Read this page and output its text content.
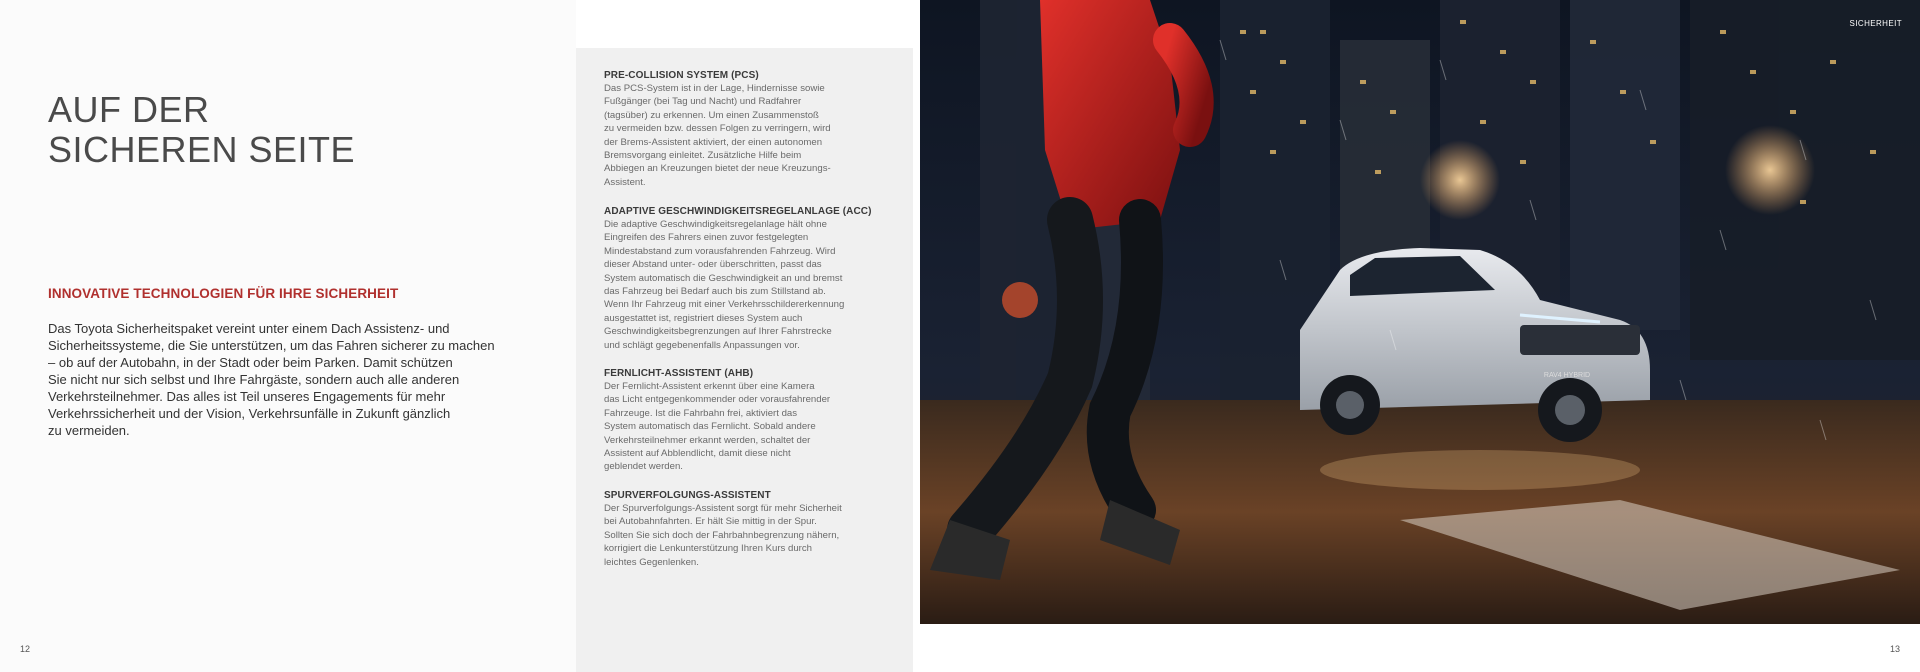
AUF DER
SICHEREN SEITE
INNOVATIVE TECHNOLOGIEN FÜR IHRE SICHERHEIT

Das Toyota Sicherheitspaket vereint unter einem Dach Assistenz- und
Sicherheitssysteme, die Sie unterstützen, um das Fahren sicherer zu machen
– ob auf der Autobahn, in der Stadt oder beim Parken. Damit schützen
Sie nicht nur sich selbst und Ihre Fahrgäste, sondern auch alle anderen
Verkehrsteilnehmer. Das alles ist Teil unseres Engagements für mehr
Verkehrssicherheit und der Vision, Verkehrsunfälle in Zukunft gänzlich
zu vermeiden.

PRE-COLLISION SYSTEM (PCS)
Das PCS-System ist in der Lage, Hindernisse sowie
Fußgänger (bei Tag und Nacht) und Radfahrer
(tagsüber) zu erkennen. Um einen Zusammenstoß
zu vermeiden bzw. dessen Folgen zu verringern, wird
der Brems-Assistent aktiviert, der einen autonomen
Bremsvorgang einleitet. Zusätzliche Hilfe beim
Abbiegen an Kreuzungen bietet der neue Kreuzungs-
Assistent.
ADAPTIVE GESCHWINDIGKEITSREGELANLAGE (ACC)
Die adaptive Geschwindigkeitsregelanlage hält ohne
Eingreifen des Fahrers einen zuvor festgelegten
Mindestabstand zum vorausfahrenden Fahrzeug. Wird
dieser Abstand unter- oder überschritten, passt das
System automatisch die Geschwindigkeit an und bremst
das Fahrzeug bei Bedarf auch bis zum Stillstand ab.
Wenn Ihr Fahrzeug mit einer Verkehrsschildererkennung
ausgestattet ist, registriert dieses System auch
Geschwindigkeitsbegrenzungen auf Ihrer Fahrstrecke
und schlägt gegebenenfalls Anpassungen vor.
FERNLICHT-ASSISTENT (AHB)
Der Fernlicht-Assistent erkennt über eine Kamera
das Licht entgegenkommender oder vorausfahrender
Fahrzeuge. Ist die Fahrbahn frei, aktiviert das
System automatisch das Fernlicht. Sobald andere
Verkehrsteilnehmer erkannt werden, schaltet der
Assistent auf Abblendlicht, damit diese nicht
geblendet werden.
SPURVERFOLGUNGS-ASSISTENT
Der Spurverfolgungs-Assistent sorgt für mehr Sicherheit
bei Autobahnfahrten. Er hält Sie mittig in der Spur.
Sollten Sie sich doch der Fahrbahnbegrenzung nähern,
korrigiert die Lenkunterstützung Ihren Kurs durch
leichtes Gegenlenken.
RAV4 HYBRID
SICHERHEIT
12	13
